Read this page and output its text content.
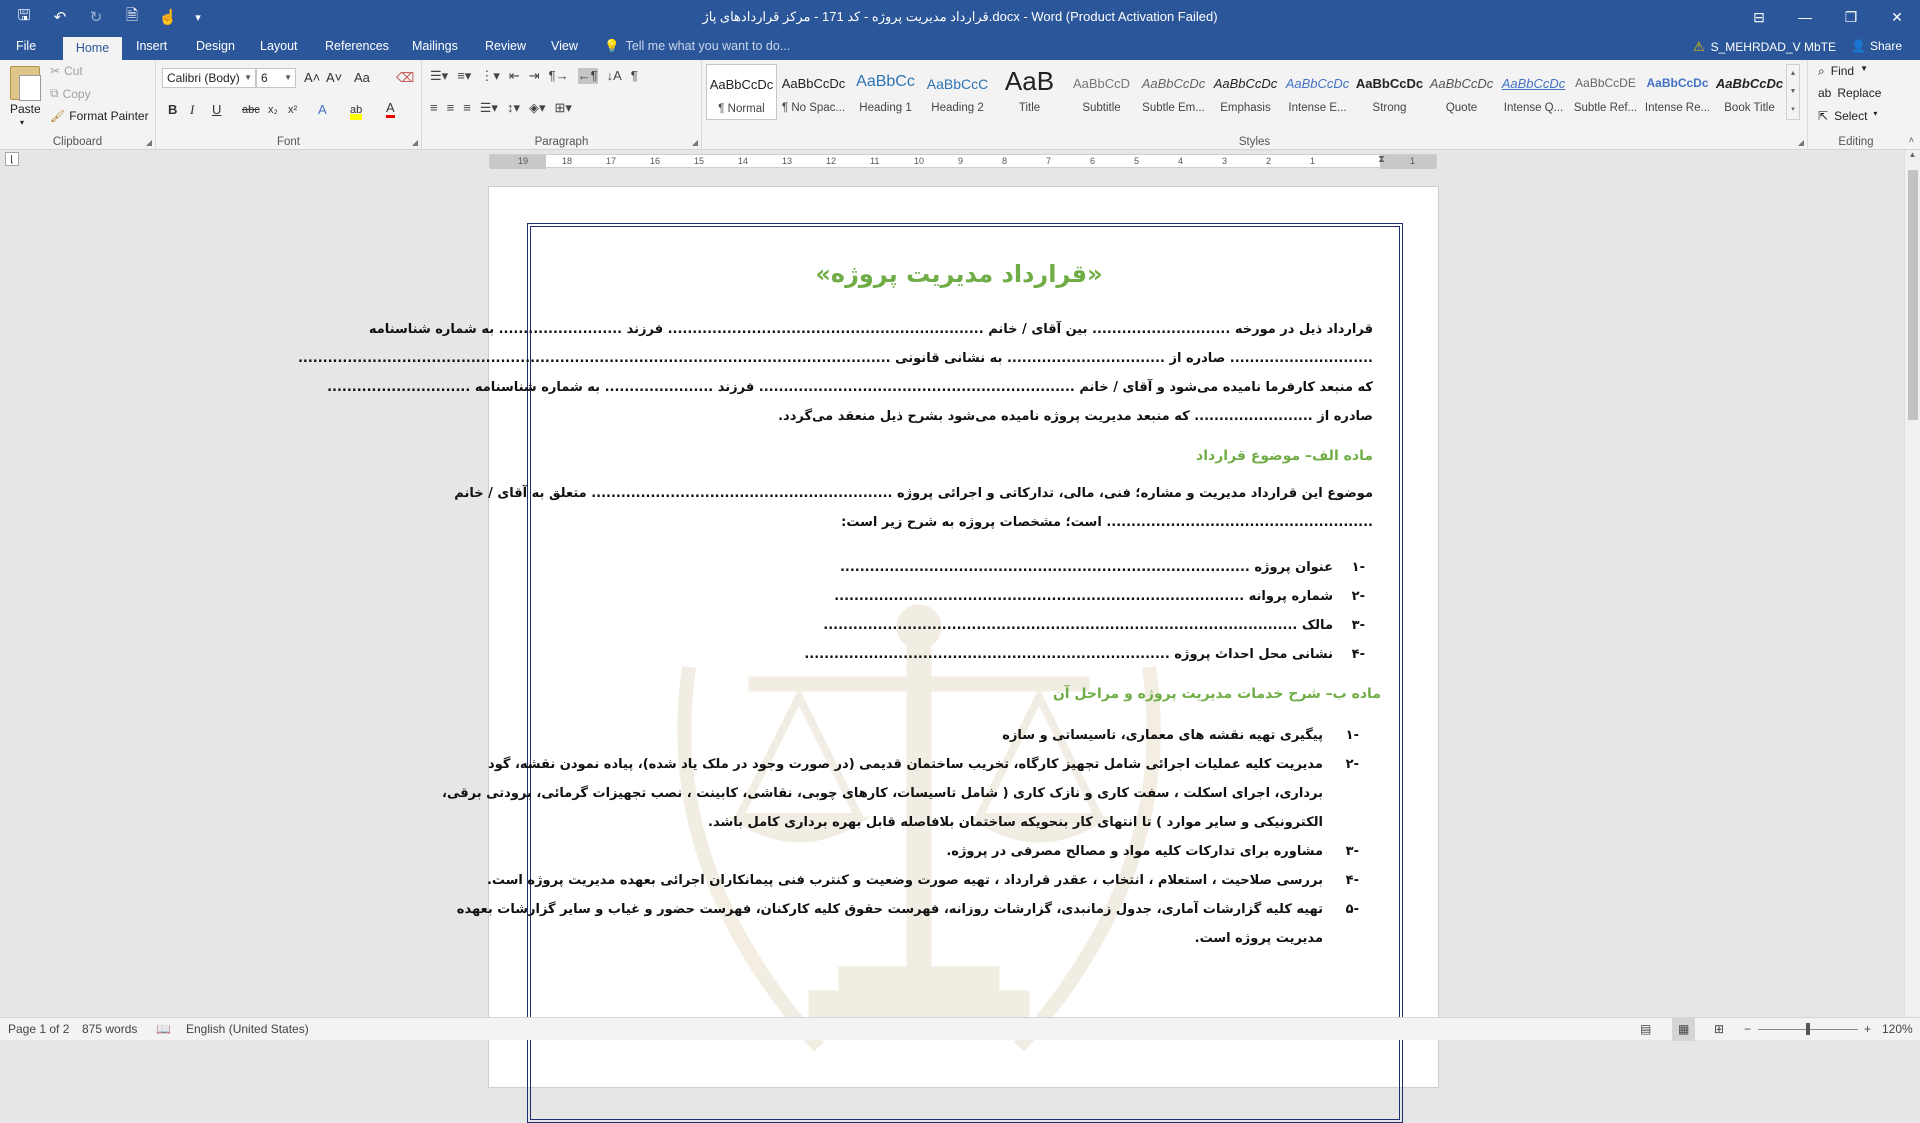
🖫	↶	↻	🗎	☝	▾	قرارداد مدیریت پروژه - کد 171 - مرکز قراردادهای پاژ.docx - Word (Product Activation Failed)	⊟	—	❐	✕
File	Home	Insert	Design	Layout	References	Mailings	Review	View	💡 Tell me what you want to do...	⚠ S_MEHRDAD_V MbTE 👤 Share
Paste
▾
✂ Cut
⧉ Copy
🖌 Format Painter
Clipboard	◢
Calibri (Body) ▼ 6 ▼ A˄ A˅ Aa ⌫
B I U abc x₂ x² A ab A
Font	◢
☰▾ ≡▾ ⋮▾ ⇤ ⇥ ¶→ ←¶ ↓A ¶
≡ ≡ ≡ ☰▾ ↕▾ ◈▾ ⊞▾
Paragraph	◢	Styles	◢
AaBbCcDc
¶ Normal
AaBbCcDc
¶ No Spac...
AaBbCc
Heading 1
AaBbCcC
Heading 2
AaB
Title
AaBbCcD
Subtitle
AaBbCcDc
Subtle Em...
AaBbCcDc
Emphasis
AaBbCcDc
Intense E...
AaBbCcDc
Strong
AaBbCcDc
Quote
AaBbCcDc
Intense Q...
AaBbCcDE
Subtle Ref...
AaBbCcDc
Intense Re...
AaBbCcDc
Book Title
▲
▼
▾
Editing
⌕ Find ▼
ab Replace
⇱ Select ▾
˄
⌊	19	18	17	16	15	14	13	12	11	10	9	8	7	6	5	4	3	2	1	1
⧗
«قرارداد مدیریت پروژه»
قرارداد ذیل در مورخه ............................ بین آقای / خانم ................................................................ فرزند ......................... به شماره شناسنامه
............................. صادره از ................................ به نشانی قانونی ........................................................................................................................
که منبعد کارفرما نامیده می‌شود و آقای / خانم ................................................................ فرزند ...................... به شماره شناسنامه .............................
صادره از ........................ که منبعد مدیریت پروژه نامیده می‌شود بشرح ذیل منعقد می‌گردد.
ماده الف– موضوع قرارداد
موضوع این قرارداد مدیریت و مشاره؛ فنی، مالی، تدارکاتی و اجرائی پروژه ............................................................. متعلق به آقای / خانم
...................................................... است؛ مشخصات پروژه به شرح زیر است:
-۱
عنوان پروژه ...................................................................................
-۲
شماره پروانه ...................................................................................
-۳
مالک ................................................................................................
-۴
نشانی محل احداث پروژه ..........................................................................
ماده ب– شرح خدمات مدیریت پروژه و مراحل آن
-۱
پیگیری تهیه نقشه های معماری، تاسیساتی و سازه
-۲
مدیریت کلیه عملیات اجرائی شامل تجهیز کارگاه، تخریب ساختمان قدیمی (در صورت وجود در ملک یاد شده)، پیاده نمودن نقشه، گود
برداری، اجرای اسکلت ، سفت کاری و نازک کاری ( شامل تاسیسات، کارهای چوبی، نقاشی، کابینت ، نصب تجهیزات گرمائی، برودتی برقی،
الکترونیکی و سایر موارد ) تا انتهای کار بنحویکه ساختمان بلافاصله قابل بهره برداری کامل باشد.
-۳
مشاوره برای تدارکات کلیه مواد و مصالح مصرفی در پروژه.
-۴
بررسی صلاحیت ، استعلام ، انتخاب ، عقدر قرارداد ، تهیه صورت وضعیت و کنترب فنی پیمانکاران اجرائی بعهده مدیریت پروژه است.
-۵
تهیه کلیه گزارشات آماری، جدول زمانبدی، گزارشات روزانه، فهرست حقوق کلیه کارکنان، فهرست حضور و غیاب و سایر گزارشات بعهده
مدیریت پروژه است.
▲
Page 1 of 2 875 words 📖 English (United States)	▤	▦	⊞ −	+ 120%
